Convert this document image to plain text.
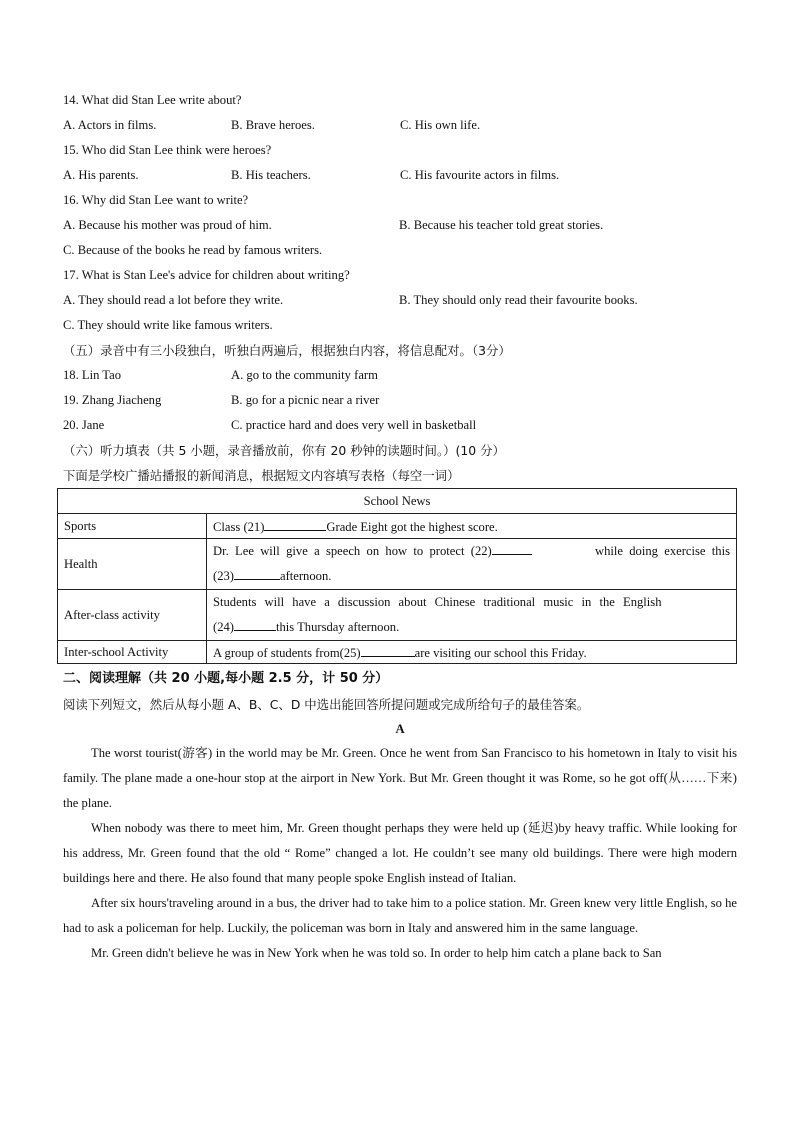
14. What did Stan Lee write about?
A. Actors in films.	B. Brave heroes.	C. His own life.
15. Who did Stan Lee think were heroes?
A. His parents.	B. His teachers.	C. His favourite actors in films.
16. Why did Stan Lee want to write?
A. Because his mother was proud of him.	B. Because his teacher told great stories.
C. Because of the books he read by famous writers.
17. What is Stan Lee's advice for children about writing?
A. They should read a lot before they write.	B. They should only read their favourite books.
C. They should write like famous writers.
（五）录音中有三小段独白，听独白两遍后，根据独白内容，将信息配对。（3分）
18. Lin Tao	A. go to the community farm
19. Zhang Jiacheng	B. go for a picnic near a river
20. Jane	C. practice hard and does very well in basketball
（六）听力填表（共 5 小题，录音播放前，你有 20 秒钟的读题时间。）(10 分）
下面是学校广播站播报的新闻消息，根据短文内容填写表格（每空一词）
School News	
Sports	Class (21) Grade Eight got the highest score.
Health	Dr.  Lee  will  give  a  speech  on  how  to  protect  (22) while  doing  exercise  this
(23) afternoon.

After-class activity	Students will have a discussion about Chinese traditional music in the English
(24) this Thursday afternoon.

Inter-school Activity	A group of students from(25) are visiting our school this Friday.
二、阅读理解（共 20 小题,每小题 2.5 分，计 50 分）
阅读下列短文，然后从每小题 A、B、C、D 中选出能回答所提问题或完成所给句子的最佳答案。
A
The worst tourist(游客) in the world may be Mr. Green. Once he went from San Francisco to his hometown in Italy to visit his family. The plane made a one-hour stop at the airport in New York. But Mr. Green thought it was Rome, so he got off(从……下来) the plane.
When nobody was there to meet him, Mr. Green thought perhaps they were held up (延迟)by heavy traffic. While looking for his address, Mr. Green found that the old “ Rome” changed a lot. He couldn’t see many old buildings. There were high modern buildings here and there. He also found that many people spoke English instead of Italian.
After six hours'traveling around in a bus, the driver had to take him to a police station. Mr. Green knew very little English, so he had to ask a policeman for help. Luckily, the policeman was born in Italy and answered him in the same language.
Mr. Green didn't believe he was in New York when he was told so. In order to help him catch a plane back to San
